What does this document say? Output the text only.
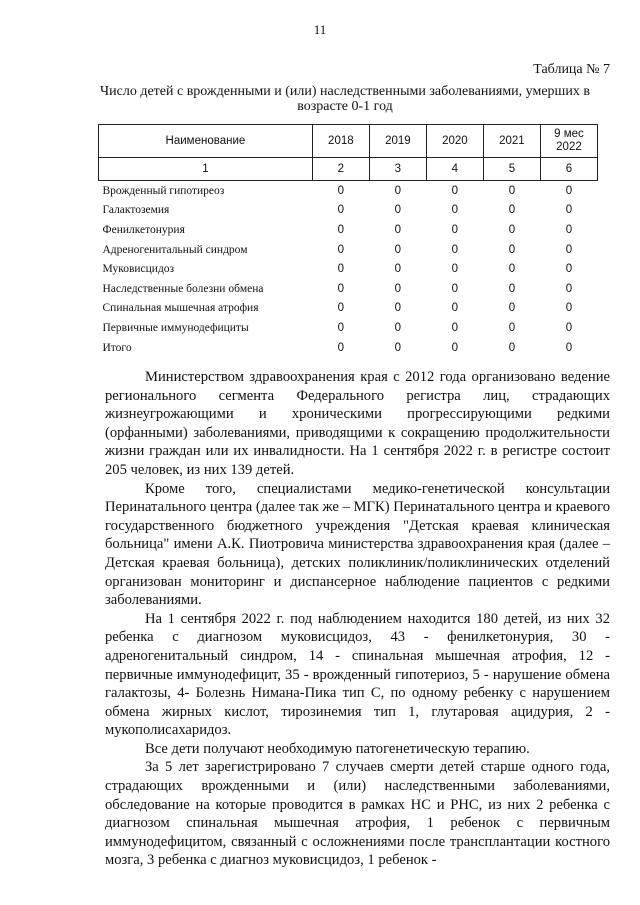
11
Таблица № 7
Число детей с врожденными и (или) наследственными заболеваниями, умерших в возрасте 0-1 год
Наименование	2018	2019	2020	2021	9 мес 2022
1	2	3	4	5	6
Врожденный гипотиреоз	0	0	0	0	0
Галактоземия	0	0	0	0	0
Фенилкетонурия	0	0	0	0	0
Адреногенитальный синдром	0	0	0	0	0
Муковисцидоз	0	0	0	0	0
Наследственные болезни обмена	0	0	0	0	0
Спинальная мышечная атрофия	0	0	0	0	0
Первичные иммунодефициты	0	0	0	0	0
Итого	0	0	0	0	0

Министерством здравоохранения края с 2012 года организовано ведение регионального сегмента Федерального регистра лиц, страдающих жизнеугрожающими и хроническими прогрессирующими редкими (орфанными) заболеваниями, приводящими к сокращению продолжительности жизни граждан или их инвалидности. На 1 сентября 2022 г. в регистре состоит 205 человек, из них 139 детей.

Кроме того, специалистами медико-генетической консультации Перинатального центра (далее так же – МГК) Перинатального центра и краевого государственного бюджетного учреждения "Детская краевая клиническая больница" имени А.К. Пиотровича министерства здравоохранения края (далее – Детская краевая больница), детских поликлиник/поликлинических отделений организован мониторинг и диспансерное наблюдение пациентов с редкими заболеваниями.

На 1 сентября 2022 г. под наблюдением находится 180 детей, из них 32 ребенка с диагнозом муковисцидоз, 43 - фенилкетонурия, 30 - адреногенитальный синдром, 14 - спинальная мышечная атрофия, 12 - первичные иммунодефицит, 35 - врожденный гипотериоз, 5 - нарушение обмена галактозы, 4- Болезнь Нимана-Пика тип С, по одному ребенку с нарушением обмена жирных кислот, тирозинемия тип 1, глутаровая ацидурия, 2 - мукополисахаридоз.

Все дети получают необходимую патогенетическую терапию.

За 5 лет зарегистрировано 7 случаев смерти детей старше одного года, страдающих врожденными и (или) наследственными заболеваниями, обследование на которые проводится в рамках НС и РНС, из них 2 ребенка с диагнозом спинальная мышечная атрофия, 1 ребенок с первичным иммунодефицитом, связанный с осложнениями после трансплантации костного мозга, 3 ребенка с диагноз муковисцидоз, 1 ребенок -
